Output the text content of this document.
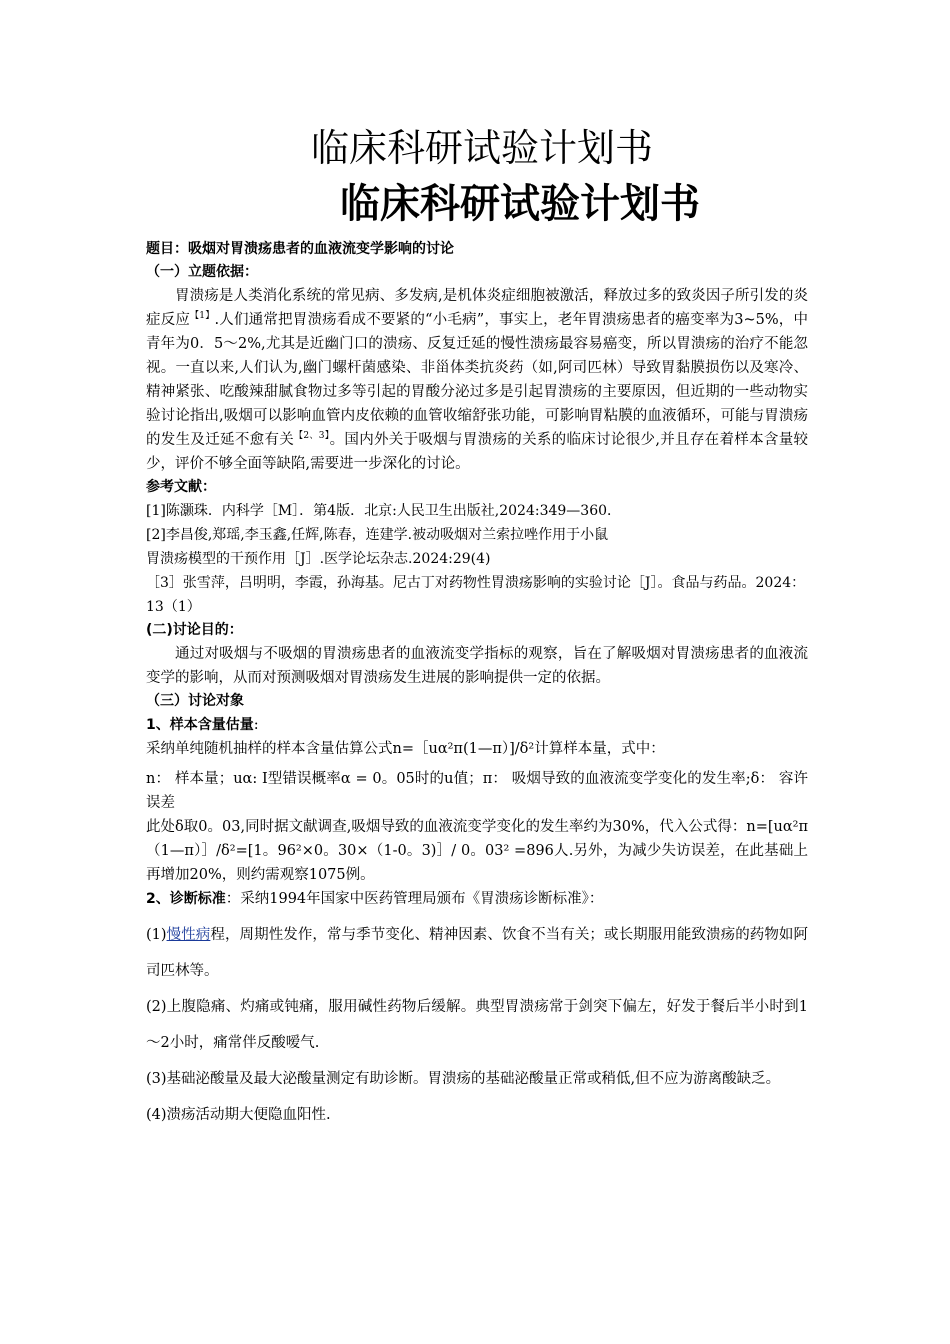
临床科研试验计划书
临床科研试验计划书

题目：吸烟对胃溃疡患者的血液流变学影响的讨论

（一）立题依据：

胃溃疡是人类消化系统的常见病、多发病,是机体炎症细胞被激活，释放过多的致炎因子所引发的炎症反应$^{【1】}$.人们通常把胃溃疡看成不要紧的“小毛病”，事实上，老年胃溃疡患者的癌变率为3~5%，中青年为0．5～2%,尤其是近幽门口的溃疡、反复迁延的慢性溃疡最容易癌变，所以胃溃疡的治疗不能忽视。一直以来,人们认为,幽门螺杆菌感染、非甾体类抗炎药（如,阿司匹林）导致胃黏膜损伤以及寒冷、精神紧张、吃酸辣甜腻食物过多等引起的胃酸分泌过多是引起胃溃疡的主要原因，但近期的一些动物实验讨论指出,吸烟可以影响血管内皮依赖的血管收缩舒张功能，可影响胃粘膜的血液循环，可能与胃溃疡的发生及迁延不愈有关$^{【2、3】}$。国内外关于吸烟与胃溃疡的关系的临床讨论很少,并且存在着样本含量较少，评价不够全面等缺陷,需要进一步深化的讨论。

参考文献：

[1]陈灏珠．内科学［M］．第4版．北京:人民卫生出版社,2024:349—360．

[2]李昌俊,郑瑶,李玉鑫,任辉,陈春，连建学.被动吸烟对兰索拉唑作用于小鼠

胃溃疡模型的干预作用［J］.医学论坛杂志.2024:29(4)

［3］张雪萍，吕明明，李霞，孙海基。尼古丁对药物性胃溃疡影响的实验讨论［J］。食品与药品。2024：13（1）

(二)讨论目的：

通过对吸烟与不吸烟的胃溃疡患者的血液流变学指标的观察，旨在了解吸烟对胃溃疡患者的血液流变学的影响，从而对预测吸烟对胃溃疡发生进展的影响提供一定的依据。

（三）讨论对象

1、样本含量估量:

采纳单纯随机抽样的样本含量估算公式n=［uα²π(1—π）]/δ²计算样本量，式中：

n： 样本量；uα: I型错误概率α = 0。05时的u值；π： 吸烟导致的血液流变学变化的发生率;δ： 容许误差

此处δ取0。03,同时据文献调查,吸烟导致的血液流变学变化的发生率约为30%，代入公式得：n=[uα²π（1—π）］/δ²=[1。96²×0。30×（1-0。3)］/ 0。03² =896人.另外，为减少失访误差，在此基础上再增加20%，则约需观察1075例。

2、诊断标准：采纳1994年国家中医药管理局颁布《胃溃疡诊断标准》：

(1)慢性病程，周期性发作，常与季节变化、精神因素、饮食不当有关；或长期服用能致溃疡的药物如阿司匹林等。

(2)上腹隐痛、灼痛或钝痛，服用碱性药物后缓解。典型胃溃疡常于剑突下偏左，好发于餐后半小时到1～2小时，痛常伴反酸嗳气.

(3)基础泌酸量及最大泌酸量测定有助诊断。胃溃疡的基础泌酸量正常或稍低,但不应为游离酸缺乏。

(4)溃疡活动期大便隐血阳性.
